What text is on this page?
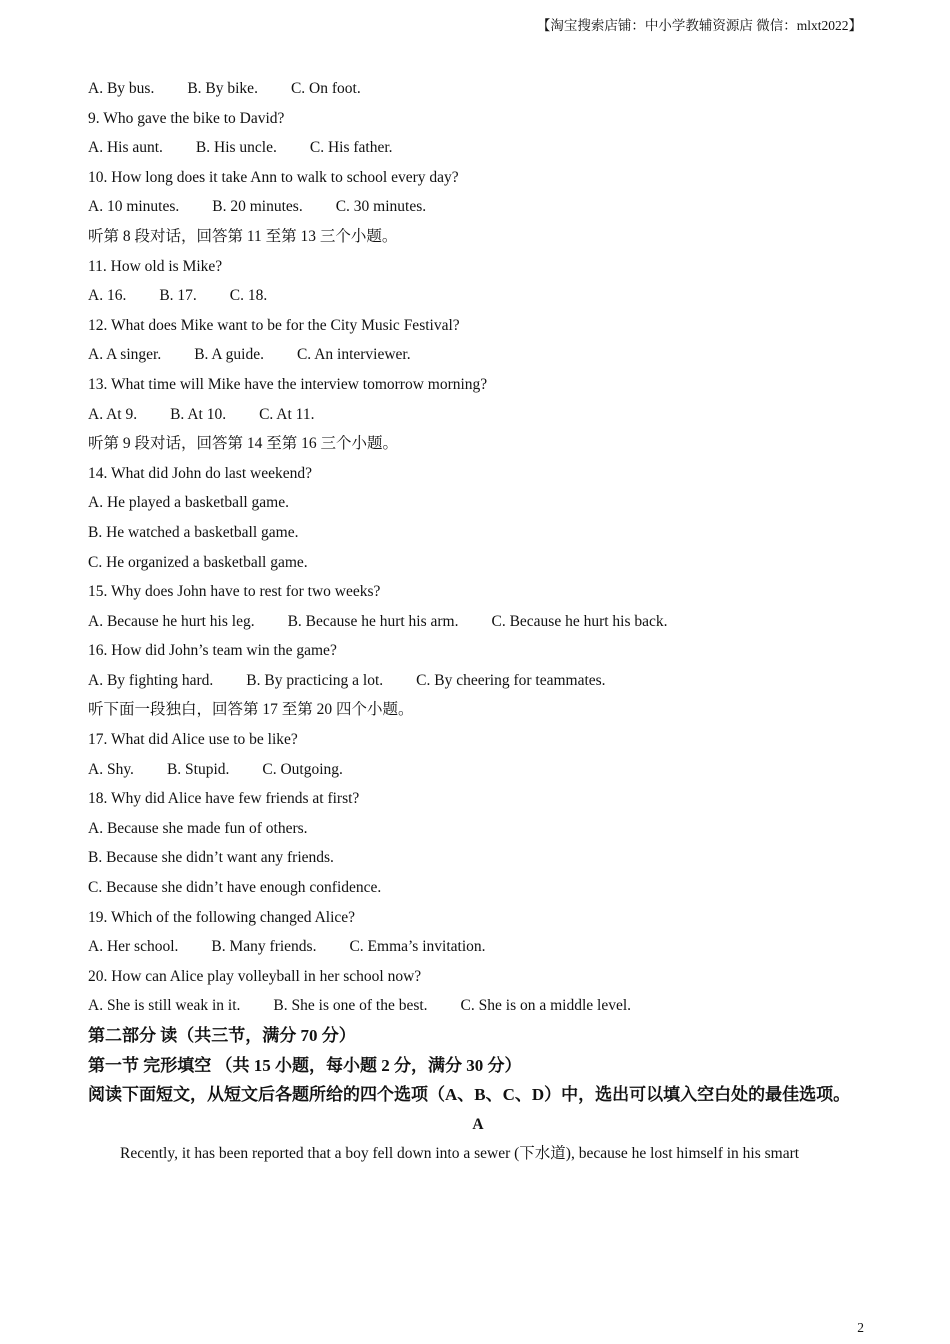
【淘宝搜索店铺：中小学教辅资源店 微信：mlxt2022】
A. By bus. B. By bike. C. On foot.
9. Who gave the bike to David?
A. His aunt. B. His uncle. C. His father.
10. How long does it take Ann to walk to school every day?
A. 10 minutes. B. 20 minutes. C. 30 minutes.
听第 8 段对话，回答第 11 至第 13 三个小题。
11. How old is Mike?
A. 16. B. 17. C. 18.
12. What does Mike want to be for the City Music Festival?
A. A singer. B. A guide. C. An interviewer.
13. What time will Mike have the interview tomorrow morning?
A. At 9. B. At 10. C. At 11.
听第 9 段对话，回答第 14 至第 16 三个小题。
14. What did John do last weekend?
A. He played a basketball game.
B. He watched a basketball game.
C. He organized a basketball game.
15. Why does John have to rest for two weeks?
A. Because he hurt his leg. B. Because he hurt his arm. C. Because he hurt his back.
16. How did John’s team win the game?
A. By fighting hard. B. By practicing a lot. C. By cheering for teammates.
听下面一段独白，回答第 17 至第 20 四个小题。
17. What did Alice use to be like?
A. Shy. B. Stupid. C. Outgoing.
18. Why did Alice have few friends at first?
A. Because she made fun of others.
B. Because she didn’t want any friends.
C. Because she didn’t have enough confidence.
19. Which of the following changed Alice?
A. Her school. B. Many friends. C. Emma’s invitation.
20. How can Alice play volleyball in her school now?
A. She is still weak in it. B. She is one of the best. C. She is on a middle level.
第二部分 读（共三节，满分 70 分）
第一节 完形填空 （共 15 小题，每小题 2 分，满分 30 分）
阅读下面短文，从短文后各题所给的四个选项（A、B、C、D）中，选出可以填入空白处的最佳选项。
A
Recently, it has been reported that a boy fell down into a sewer (下水道), because he lost himself in his smart
2
